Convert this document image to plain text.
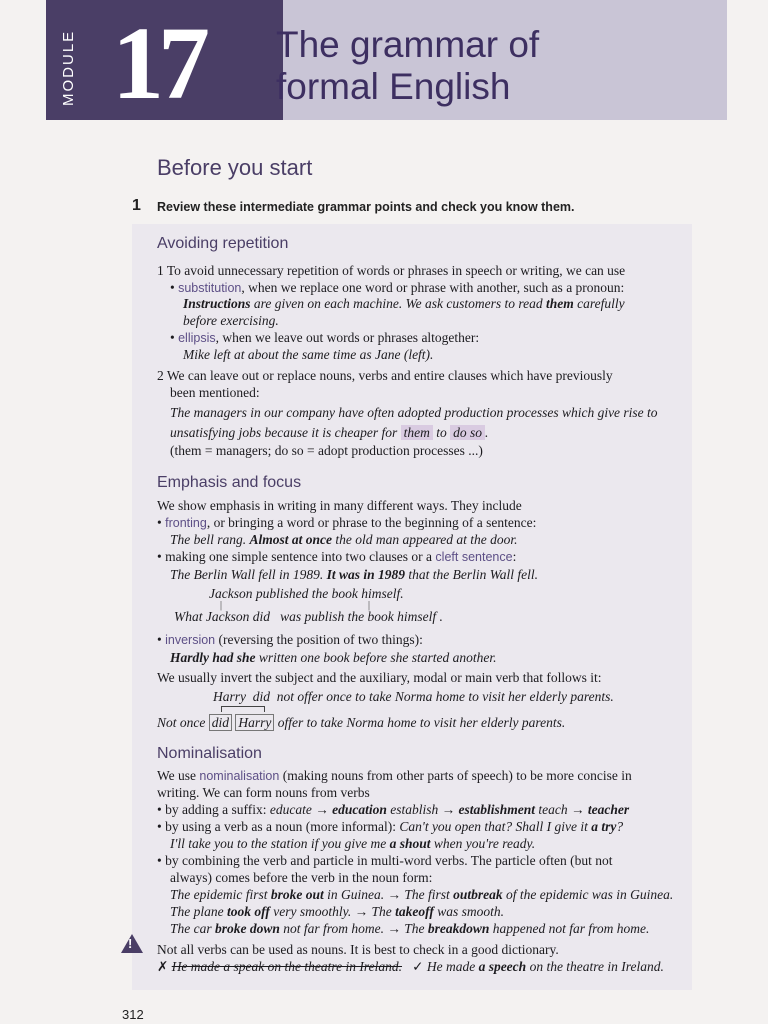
MODULE 17 The grammar of
formal English
Before you start
1 Review these intermediate grammar points and check you know them.
Avoiding repetition
1 To avoid unnecessary repetition of words or phrases in speech or writing, we can use
• substitution, when we replace one word or phrase with another, such as a pronoun:
Instructions are given on each machine. We ask customers to read them carefully
before exercising.
• ellipsis, when we leave out words or phrases altogether:
Mike left at about the same time as Jane (left).
2 We can leave out or replace nouns, verbs and entire clauses which have previously
been mentioned:
The managers in our company have often adopted production processes which give rise to
unsatisfying jobs because it is cheaper for them to do so .
(them = managers; do so = adopt production processes ...)
Emphasis and focus
We show emphasis in writing in many different ways. They include
• fronting, or bringing a word or phrase to the beginning of a sentence:
The bell rang. Almost at once the old man appeared at the door.
• making one simple sentence into two clauses or a cleft sentence:
The Berlin Wall fell in 1989. It was in 1989 that the Berlin Wall fell.
Jackson published the book himself.
|	|
What Jackson did was publish the book himself .
• inversion (reversing the position of two things):
Hardly had she written one book before she started another.
We usually invert the subject and the auxiliary, modal or main verb that follows it:
Harry did not offer once to take Norma home to visit her elderly parents.
Not once did Harry offer to take Norma home to visit her elderly parents.
Nominalisation
We use nominalisation (making nouns from other parts of speech) to be more concise in
writing. We can form nouns from verbs
• by adding a suffix: educate → education establish → establishment teach → teacher
• by using a verb as a noun (more informal): Can't you open that? Shall I give it a try?
I'll take you to the station if you give me a shout when you're ready.
• by combining the verb and particle in multi-word verbs. The particle often (but not
always) comes before the verb in the noun form:
The epidemic first broke out in Guinea. → The first outbreak of the epidemic was in Guinea.
The plane took off very smoothly. → The takeoff was smooth.
The car broke down not far from home. → The breakdown happened not far from home.
! Not all verbs can be used as nouns. It is best to check in a good dictionary.
✗ He made a speak on the theatre in Ireland. ✓ He made a speech on the theatre in Ireland.
312
